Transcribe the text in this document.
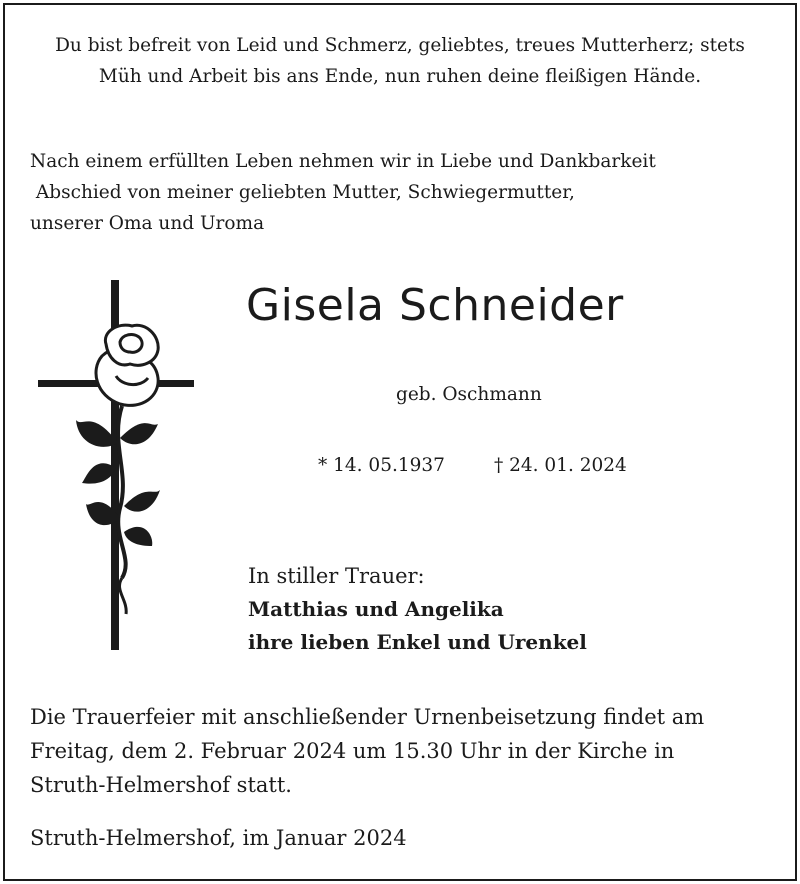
Du bist befreit von Leid und Schmerz, geliebtes, treues Mutterherz; stets
Müh und Arbeit bis ans Ende, nun ruhen deine fleißigen Hände.

Nach einem erfüllten Leben nehmen wir in Liebe und Dankbarkeit
Abschied von meiner geliebten Mutter, Schwiegermutter,
unserer Oma und Uroma

Gisela Schneider

geb. Oschmann

* 14. 05.1937	† 24. 01. 2024

In stiller Trauer:
Matthias und Angelika
ihre lieben Enkel und Urenkel

Die Trauerfeier mit anschließender Urnenbeisetzung findet am
Freitag, dem 2. Februar 2024 um 15.30 Uhr in der Kirche in
Struth-Helmershof statt.

Struth-Helmershof, im Januar 2024
